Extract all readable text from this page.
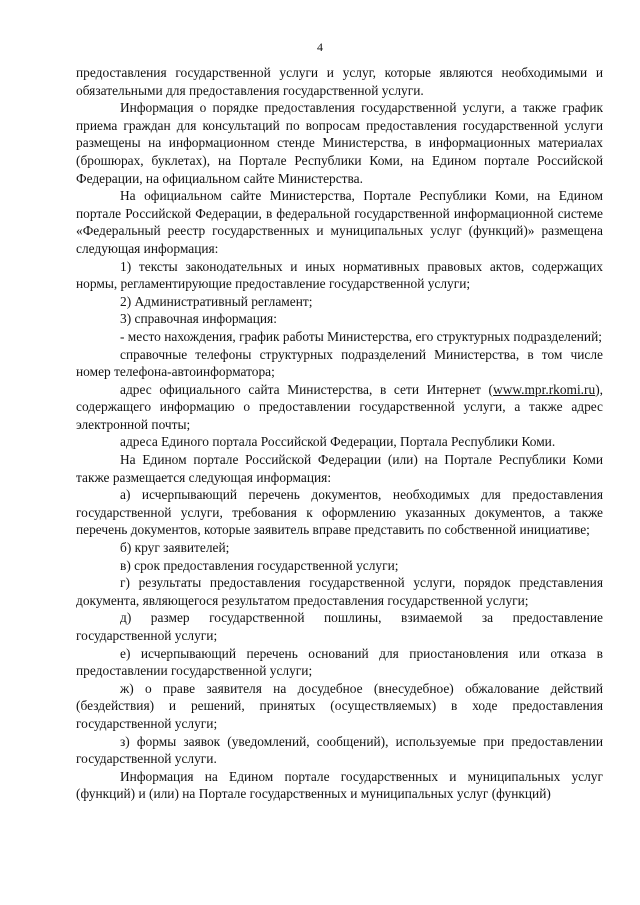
4

предоставления государственной услуги и услуг, которые являются необходимыми и обязательными для предоставления государственной услуги.

Информация о порядке предоставления государственной услуги, а также график приема граждан для консультаций по вопросам предоставления государственной услуги размещены на информационном стенде Министерства, в информационных материалах (брошюрах, буклетах), на Портале Республики Коми, на Едином портале Российской Федерации, на официальном сайте Министерства.

На официальном сайте Министерства, Портале Республики Коми, на Едином портале Российской Федерации, в федеральной государственной информационной системе «Федеральный реестр государственных и муниципальных услуг (функций)» размещена следующая информация:

1) тексты законодательных и иных нормативных правовых актов, содержащих нормы, регламентирующие предоставление государственной услуги;

2) Административный регламент;

3) справочная информация:

- место нахождения, график работы Министерства, его структурных подразделений;

справочные телефоны структурных подразделений Министерства, в том числе номер телефона-автоинформатора;

адрес официального сайта Министерства, в сети Интернет (www.mpr.rkomi.ru), содержащего информацию о предоставлении государственной услуги, а также адрес электронной почты;

адреса Единого портала Российской Федерации, Портала Республики Коми.

На Едином портале Российской Федерации (или) на Портале Республики Коми также размещается следующая информация:

а) исчерпывающий перечень документов, необходимых для предоставления государственной услуги, требования к оформлению указанных документов, а также перечень документов, которые заявитель вправе представить по собственной инициативе;

б) круг заявителей;

в) срок предоставления государственной услуги;

г) результаты предоставления государственной услуги, порядок представления документа, являющегося результатом предоставления государственной услуги;

д) размер государственной пошлины, взимаемой за предоставление государственной услуги;

е) исчерпывающий перечень оснований для приостановления или отказа в предоставлении государственной услуги;

ж) о праве заявителя на досудебное (внесудебное) обжалование действий (бездействия) и решений, принятых (осуществляемых) в ходе предоставления государственной услуги;

з) формы заявок (уведомлений, сообщений), используемые при предоставлении государственной услуги.

Информация на Едином портале государственных и муниципальных услуг (функций) и (или) на Портале государственных и муниципальных услуг (функций)
